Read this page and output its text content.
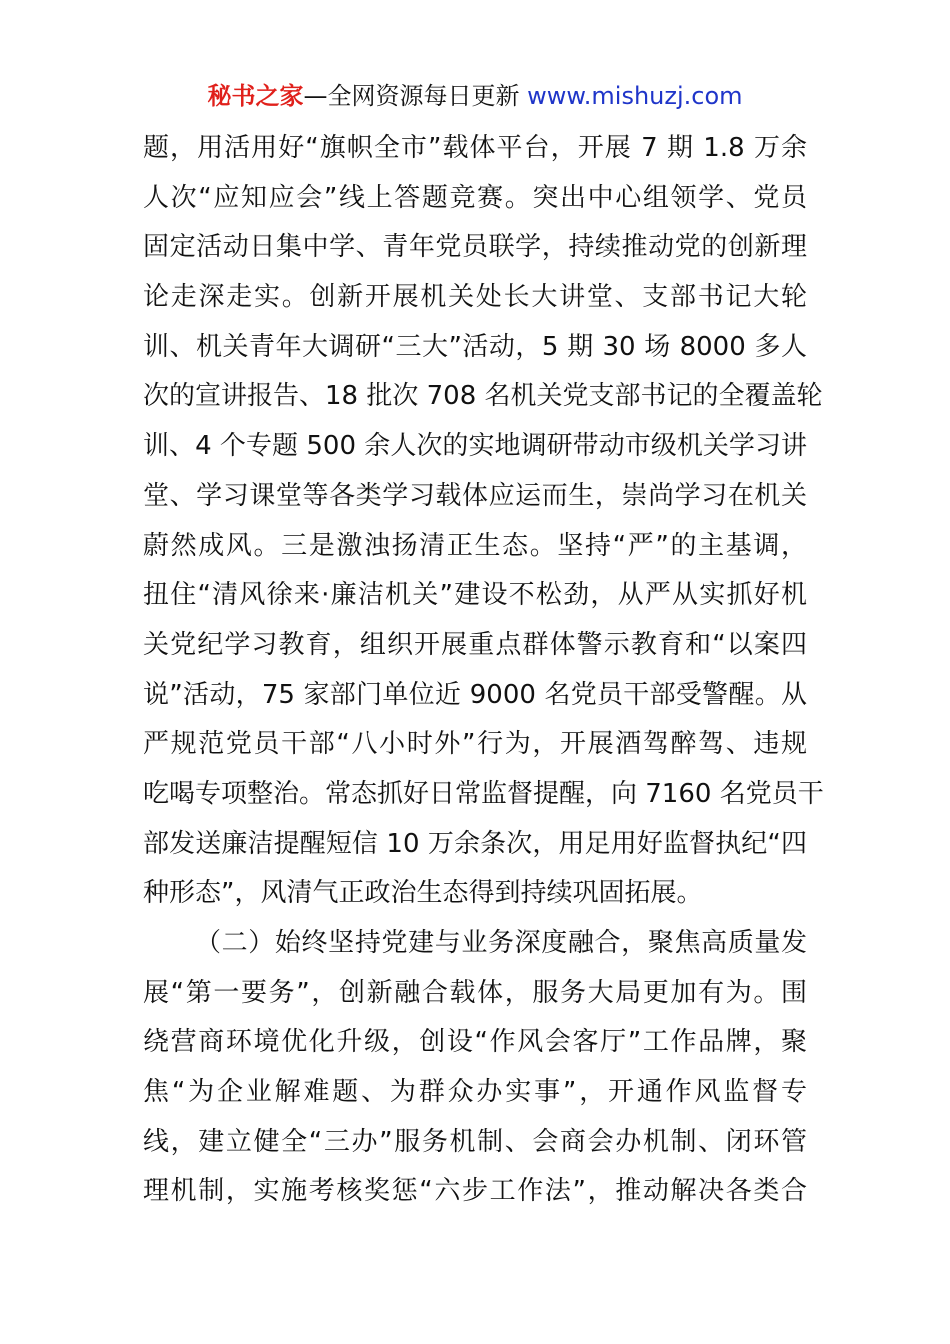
秘书之家—全网资源每日更新 www.mishuzj.com
题，用活用好“旗帜全市”载体平台，开展 7 期 1.8 万余
人次“应知应会”线上答题竞赛。突出中心组领学、党员
固定活动日集中学、青年党员联学，持续推动党的创新理
论走深走实。创新开展机关处长大讲堂、支部书记大轮
训、机关青年大调研“三大”活动，5 期 30 场 8000 多人
次的宣讲报告、18 批次 708 名机关党支部书记的全覆盖轮
训、4 个专题 500 余人次的实地调研带动市级机关学习讲
堂、学习课堂等各类学习载体应运而生，崇尚学习在机关
蔚然成风。三是激浊扬清正生态。坚持“严”的主基调，
扭住“清风徐来·廉洁机关”建设不松劲，从严从实抓好机
关党纪学习教育，组织开展重点群体警示教育和“以案四
说”活动，75 家部门单位近 9000 名党员干部受警醒。从
严规范党员干部“八小时外”行为，开展酒驾醉驾、违规
吃喝专项整治。常态抓好日常监督提醒，向 7160 名党员干
部发送廉洁提醒短信 10 万余条次，用足用好监督执纪“四
种形态”，风清气正政治生态得到持续巩固拓展。
（二）始终坚持党建与业务深度融合，聚焦高质量发
展“第一要务”，创新融合载体，服务大局更加有为。围
绕营商环境优化升级，创设“作风会客厅”工作品牌，聚
焦“为企业解难题、为群众办实事”，开通作风监督专
线，建立健全“三办”服务机制、会商会办机制、闭环管
理机制，实施考核奖惩“六步工作法”，推动解决各类合
